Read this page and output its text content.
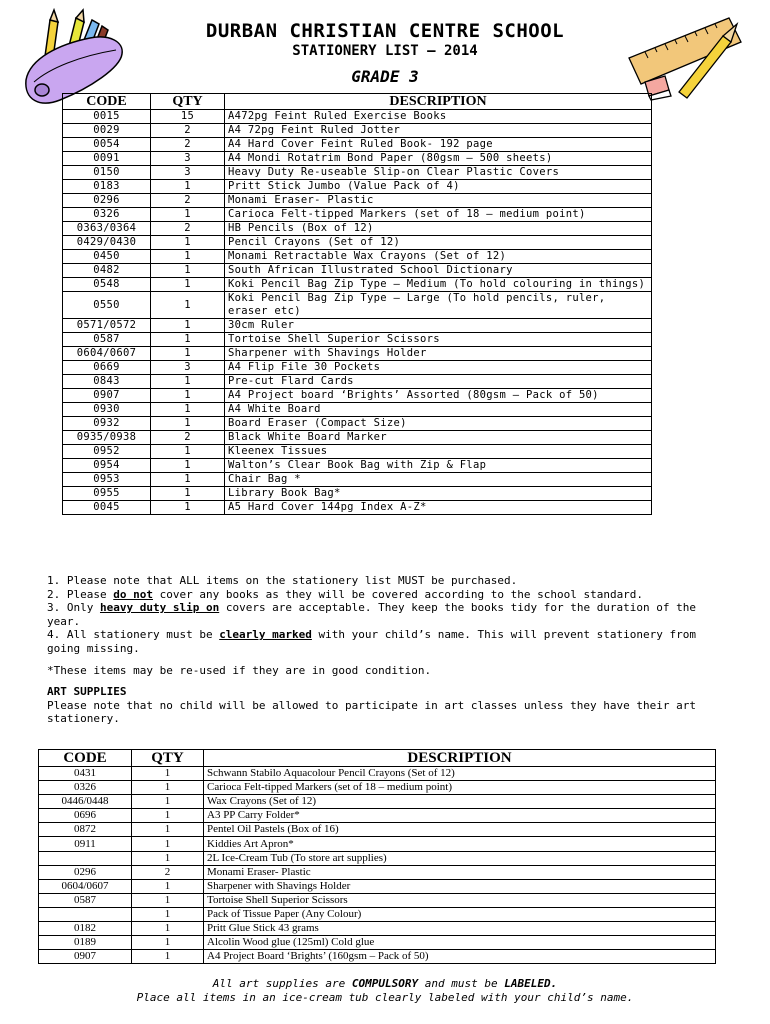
DURBAN CHRISTIAN CENTRE SCHOOL
STATIONERY LIST – 2014
GRADE 3
CODE	QTY	DESCRIPTION
0015	15	A472pg Feint Ruled Exercise Books
0029	2	A4 72pg Feint Ruled Jotter
0054	2	A4 Hard Cover Feint Ruled Book- 192 page
0091	3	A4 Mondi Rotatrim Bond Paper (80gsm – 500 sheets)
0150	3	Heavy Duty Re-useable Slip-on Clear Plastic Covers
0183	1	Pritt Stick Jumbo (Value Pack of 4)
0296	2	Monami Eraser- Plastic
0326	1	Carioca Felt-tipped Markers (set of 18 – medium point)
0363/0364	2	HB Pencils (Box of 12)
0429/0430	1	Pencil Crayons (Set of 12)
0450	1	Monami Retractable Wax Crayons (Set of 12)
0482	1	South African Illustrated School Dictionary
0548	1	Koki Pencil Bag Zip Type – Medium (To hold colouring in things)
0550	1	Koki Pencil Bag Zip Type – Large (To hold pencils, ruler, eraser etc)
0571/0572	1	30cm Ruler
0587	1	Tortoise Shell Superior Scissors
0604/0607	1	Sharpener with Shavings Holder
0669	3	A4 Flip File 30 Pockets
0843	1	Pre-cut Flard Cards
0907	1	A4 Project board ‘Brights’ Assorted (80gsm – Pack of 50)
0930	1	A4 White Board
0932	1	Board Eraser (Compact Size)
0935/0938	2	Black White Board Marker
0952	1	Kleenex Tissues
0954	1	Walton’s Clear Book Bag with Zip & Flap
0953	1	Chair Bag *
0955	1	Library Book Bag*
0045	1	A5 Hard Cover 144pg Index A-Z*

1. Please note that ALL items on the stationery list MUST be purchased.

2. Please do not cover any books as they will be covered according to the school standard.

3. Only heavy duty slip on covers are acceptable. They keep the books tidy for the duration of the year.

4. All stationery must be clearly marked with your child’s name. This will prevent stationery from going missing.

*These items may be re-used if they are in good condition.

ART SUPPLIES

Please note that no child will be allowed to participate in art classes unless they have their art stationery.

CODE	QTY	DESCRIPTION
0431	1	Schwann Stabilo Aquacolour Pencil Crayons (Set of 12)
0326	1	Carioca Felt-tipped Markers (set of 18 – medium point)
0446/0448	1	Wax Crayons (Set of 12)
0696	1	A3 PP Carry Folder*
0872	1	Pentel Oil Pastels (Box of 16)
0911	1	Kiddies Art Apron*
	1	2L Ice-Cream Tub (To store art supplies)
0296	2	Monami Eraser- Plastic
0604/0607	1	Sharpener with Shavings Holder
0587	1	Tortoise Shell Superior Scissors
	1	Pack of Tissue Paper (Any Colour)
0182	1	Pritt Glue Stick 43 grams
0189	1	Alcolin Wood glue (125ml) Cold glue
0907	1	A4 Project Board ‘Brights’ (160gsm – Pack of 50)

All art supplies are COMPULSORY and must be LABELED.

Place all items in an ice-cream tub clearly labeled with your child’s name.
